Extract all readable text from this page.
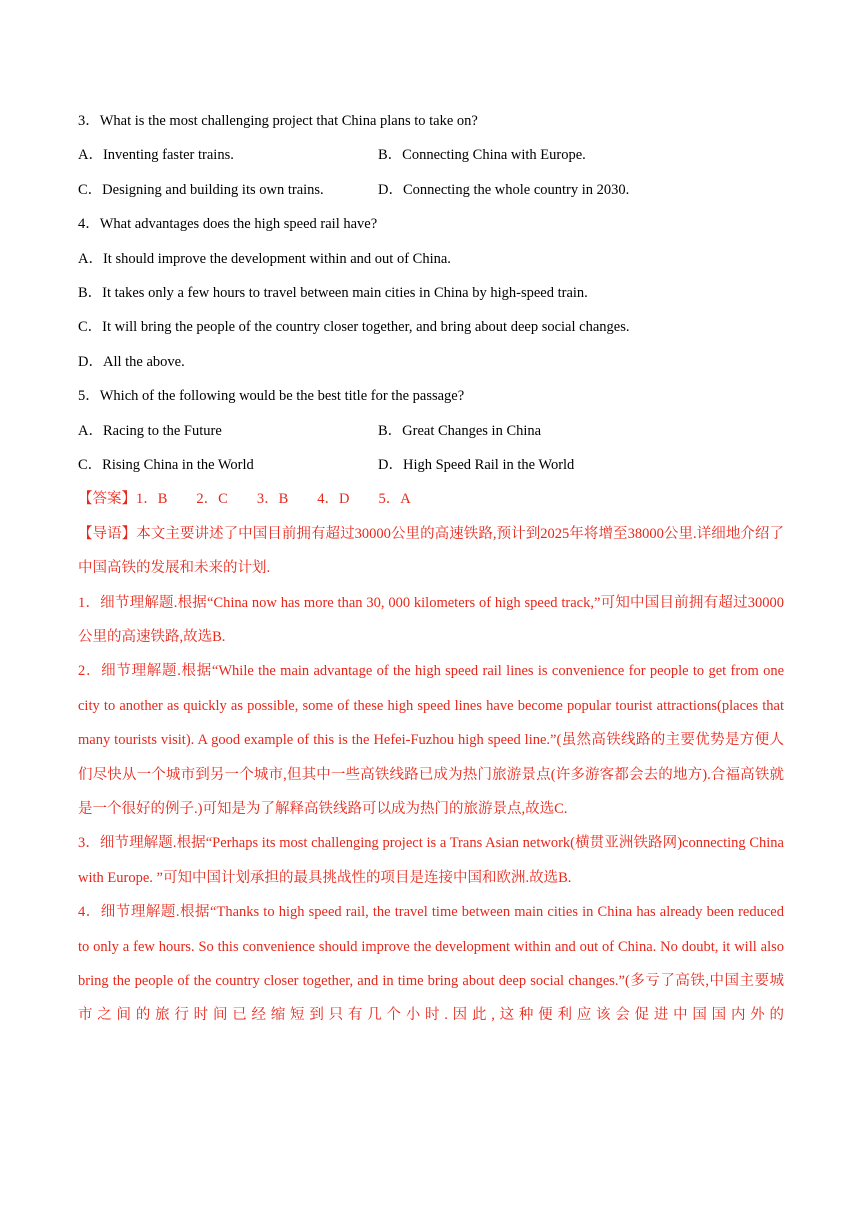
3．What is the most challenging project that China plans to take on?
A．Inventing faster trains.	B．Connecting China with Europe.
C．Designing and building its own trains.	D．Connecting the whole country in 2030.
4．What advantages does the high speed rail have?
A．It should improve the development within and out of China.
B．It takes only a few hours to travel between main cities in China by high-speed train.
C．It will bring the people of the country closer together, and bring about deep social changes.
D．All the above.
5．Which of the following would be the best title for the passage?
A．Racing to the Future	B．Great Changes in China
C．Rising China in the World	D．High Speed Rail in the World
【答案】1．B　　2．C　　3．B　　4．D　　5．A
【导语】本文主要讲述了中国目前拥有超过30000公里的高速铁路,预计到2025年将增至38000公里.详细地介绍了中国高铁的发展和未来的计划.
1．细节理解题.根据“China now has more than 30, 000 kilometers of high speed track,”可知中国目前拥有超过30000公里的高速铁路,故选B.
2．细节理解题.根据“While the main advantage of the high speed rail lines is convenience for people to get from one city to another as quickly as possible, some of these high speed lines have become popular tourist attractions(places that many tourists visit). A good example of this is the Hefei-Fuzhou high speed line.”(虽然高铁线路的主要优势是方便人们尽快从一个城市到另一个城市,但其中一些高铁线路已成为热门旅游景点(许多游客都会去的地方).合福高铁就是一个很好的例子.)可知是为了解释高铁线路可以成为热门的旅游景点,故选C.
3．细节理解题.根据“Perhaps its most challenging project is a Trans Asian network(横贯亚洲铁路网)connecting China with Europe. ”可知中国计划承担的最具挑战性的项目是连接中国和欧洲.故选B.
4．细节理解题.根据“Thanks to high speed rail, the travel time between main cities in China has already been reduced to only a few hours. So this convenience should improve the development within and out of China. No doubt, it will also bring the people of the country closer together, and in time bring about deep social changes.”(多亏了高铁,中国主要城市之间的旅行时间已经缩短到只有几个小时.因此,这种便利应该会促进中国国内外的
